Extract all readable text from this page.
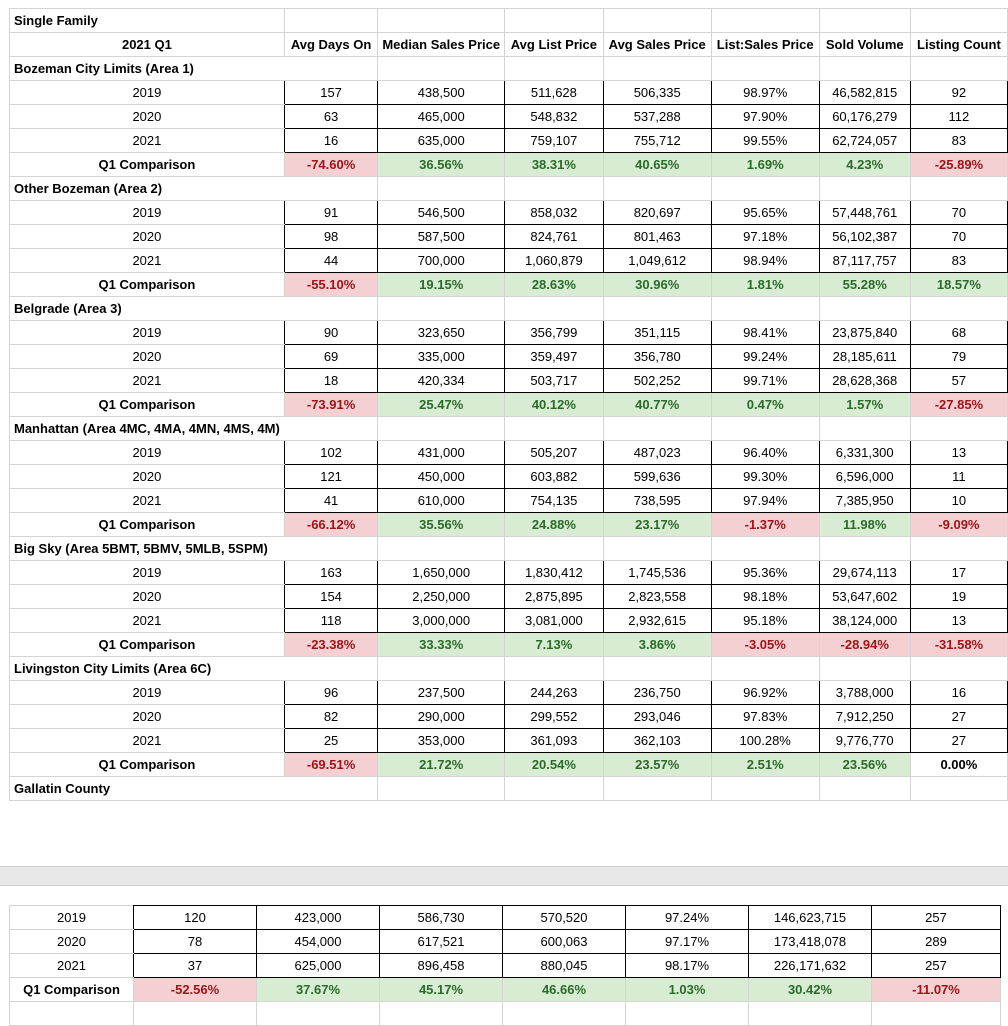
Single Family							
2021 Q1	Avg Days On	Median Sales Price	Avg List Price	Avg Sales Price	List:Sales Price	Sold Volume	Listing Count
Bozeman City Limits (Area 1)							
2019	157	438,500	511,628	506,335	98.97%	46,582,815	92
2020	63	465,000	548,832	537,288	97.90%	60,176,279	112
2021	16	635,000	759,107	755,712	99.55%	62,724,057	83
Q1 Comparison	-74.60%	36.56%	38.31%	40.65%	1.69%	4.23%	-25.89%
Other Bozeman (Area 2)							
2019	91	546,500	858,032	820,697	95.65%	57,448,761	70
2020	98	587,500	824,761	801,463	97.18%	56,102,387	70
2021	44	700,000	1,060,879	1,049,612	98.94%	87,117,757	83
Q1 Comparison	-55.10%	19.15%	28.63%	30.96%	1.81%	55.28%	18.57%
Belgrade (Area 3)							
2019	90	323,650	356,799	351,115	98.41%	23,875,840	68
2020	69	335,000	359,497	356,780	99.24%	28,185,611	79
2021	18	420,334	503,717	502,252	99.71%	28,628,368	57
Q1 Comparison	-73.91%	25.47%	40.12%	40.77%	0.47%	1.57%	-27.85%
Manhattan (Area 4MC, 4MA, 4MN, 4MS, 4M)							
2019	102	431,000	505,207	487,023	96.40%	6,331,300	13
2020	121	450,000	603,882	599,636	99.30%	6,596,000	11
2021	41	610,000	754,135	738,595	97.94%	7,385,950	10
Q1 Comparison	-66.12%	35.56%	24.88%	23.17%	-1.37%	11.98%	-9.09%
Big Sky (Area 5BMT, 5BMV, 5MLB, 5SPM)							
2019	163	1,650,000	1,830,412	1,745,536	95.36%	29,674,113	17
2020	154	2,250,000	2,875,895	2,823,558	98.18%	53,647,602	19
2021	118	3,000,000	3,081,000	2,932,615	95.18%	38,124,000	13
Q1 Comparison	-23.38%	33.33%	7.13%	3.86%	-3.05%	-28.94%	-31.58%
Livingston City Limits (Area 6C)							
2019	96	237,500	244,263	236,750	96.92%	3,788,000	16
2020	82	290,000	299,552	293,046	97.83%	7,912,250	27
2021	25	353,000	361,093	362,103	100.28%	9,776,770	27
Q1 Comparison	-69.51%	21.72%	20.54%	23.57%	2.51%	23.56%	0.00%
Gallatin County							
2019	120	423,000	586,730	570,520	97.24%	146,623,715	257
2020	78	454,000	617,521	600,063	97.17%	173,418,078	289
2021	37	625,000	896,458	880,045	98.17%	226,171,632	257
Q1 Comparison	-52.56%	37.67%	45.17%	46.66%	1.03%	30.42%	-11.07%
